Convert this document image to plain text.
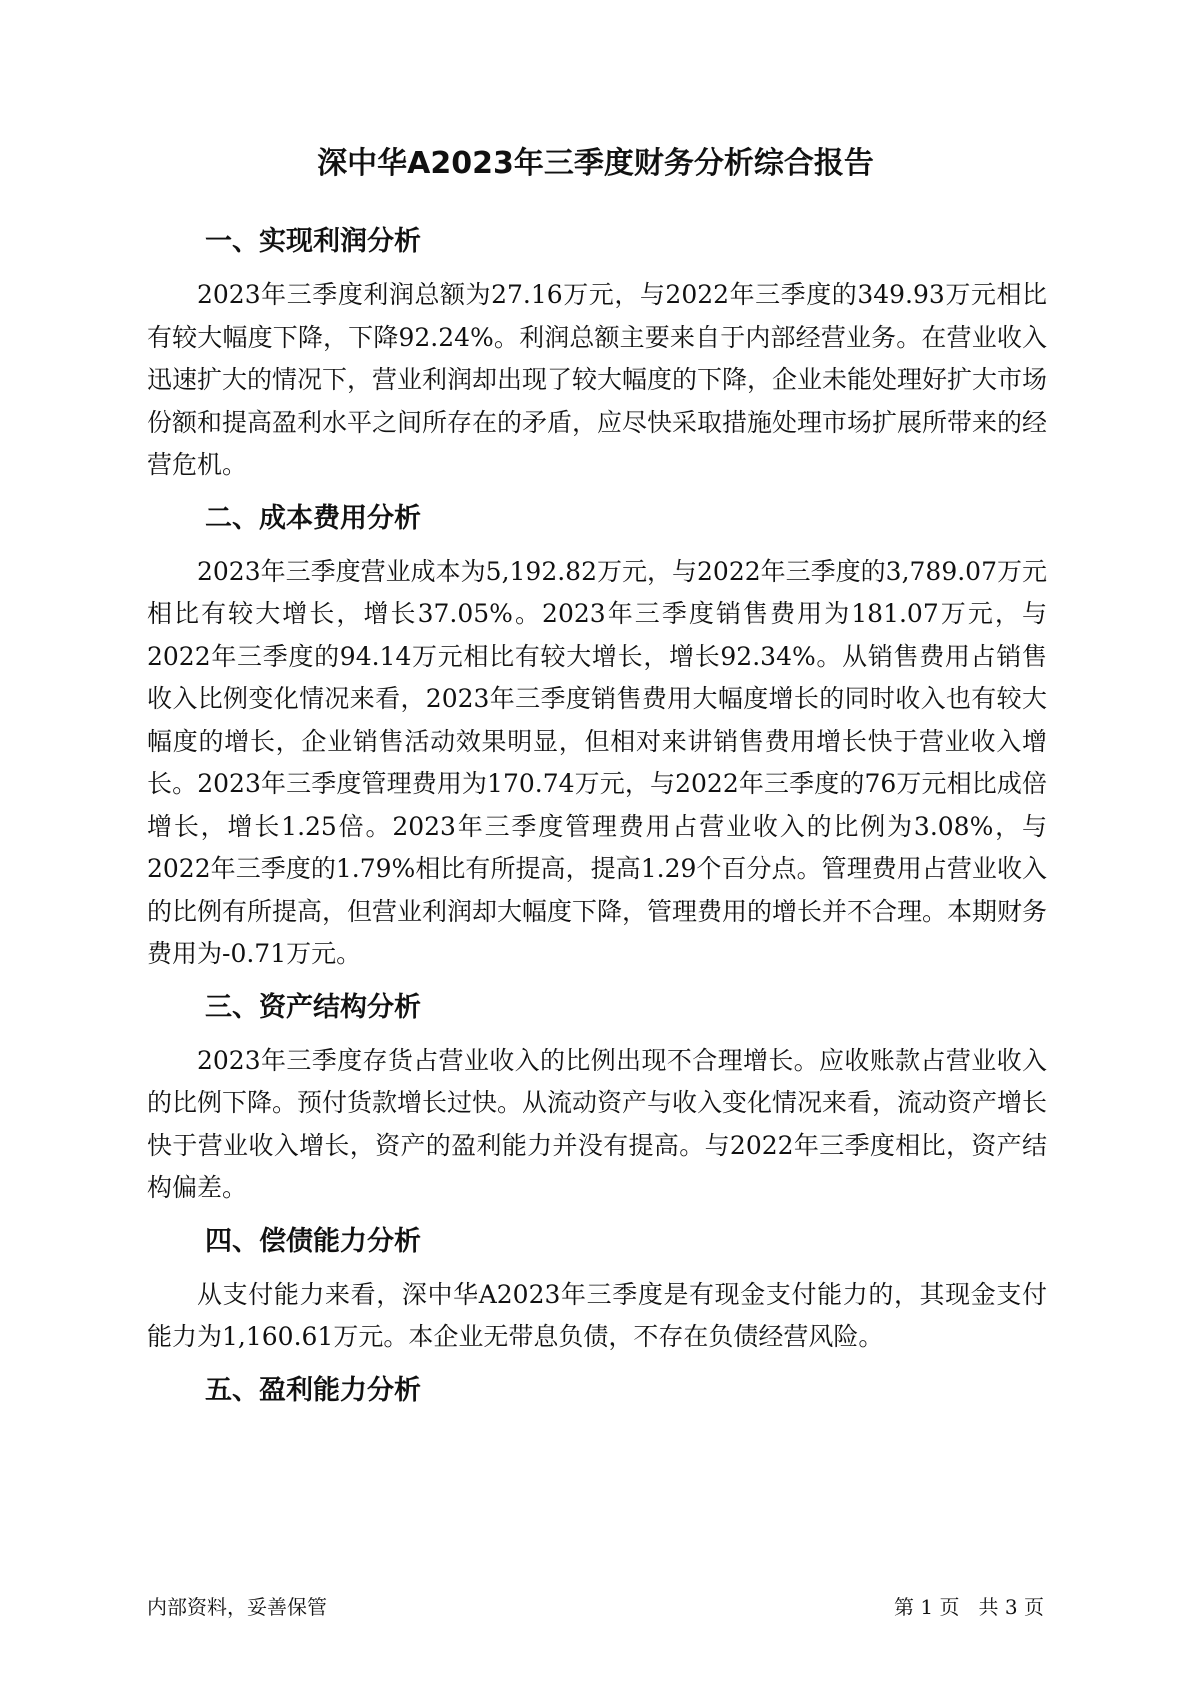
深中华A2023年三季度财务分析综合报告
一、实现利润分析

2023年三季度利润总额为27.16万元，与2022年三季度的349.93万元相比有较大幅度下降，下降92.24%。利润总额主要来自于内部经营业务。在营业收入迅速扩大的情况下，营业利润却出现了较大幅度的下降，企业未能处理好扩大市场份额和提高盈利水平之间所存在的矛盾，应尽快采取措施处理市场扩展所带来的经营危机。

二、成本费用分析

2023年三季度营业成本为5,192.82万元，与2022年三季度的3,789.07万元相比有较大增长，增长37.05%。2023年三季度销售费用为181.07万元，与2022年三季度的94.14万元相比有较大增长，增长92.34%。从销售费用占销售收入比例变化情况来看，2023年三季度销售费用大幅度增长的同时收入也有较大幅度的增长，企业销售活动效果明显，但相对来讲销售费用增长快于营业收入增长。2023年三季度管理费用为170.74万元，与2022年三季度的76万元相比成倍增长，增长1.25倍。2023年三季度管理费用占营业收入的比例为3.08%，与2022年三季度的1.79%相比有所提高，提高1.29个百分点。管理费用占营业收入的比例有所提高，但营业利润却大幅度下降，管理费用的增长并不合理。本期财务费用为-0.71万元。

三、资产结构分析

2023年三季度存货占营业收入的比例出现不合理增长。应收账款占营业收入的比例下降。预付货款增长过快。从流动资产与收入变化情况来看，流动资产增长快于营业收入增长，资产的盈利能力并没有提高。与2022年三季度相比，资产结构偏差。

四、偿债能力分析

从支付能力来看，深中华A2023年三季度是有现金支付能力的，其现金支付能力为1,160.61万元。本企业无带息负债，不存在负债经营风险。

五、盈利能力分析
内部资料，妥善保管	第 1 页   共 3 页
